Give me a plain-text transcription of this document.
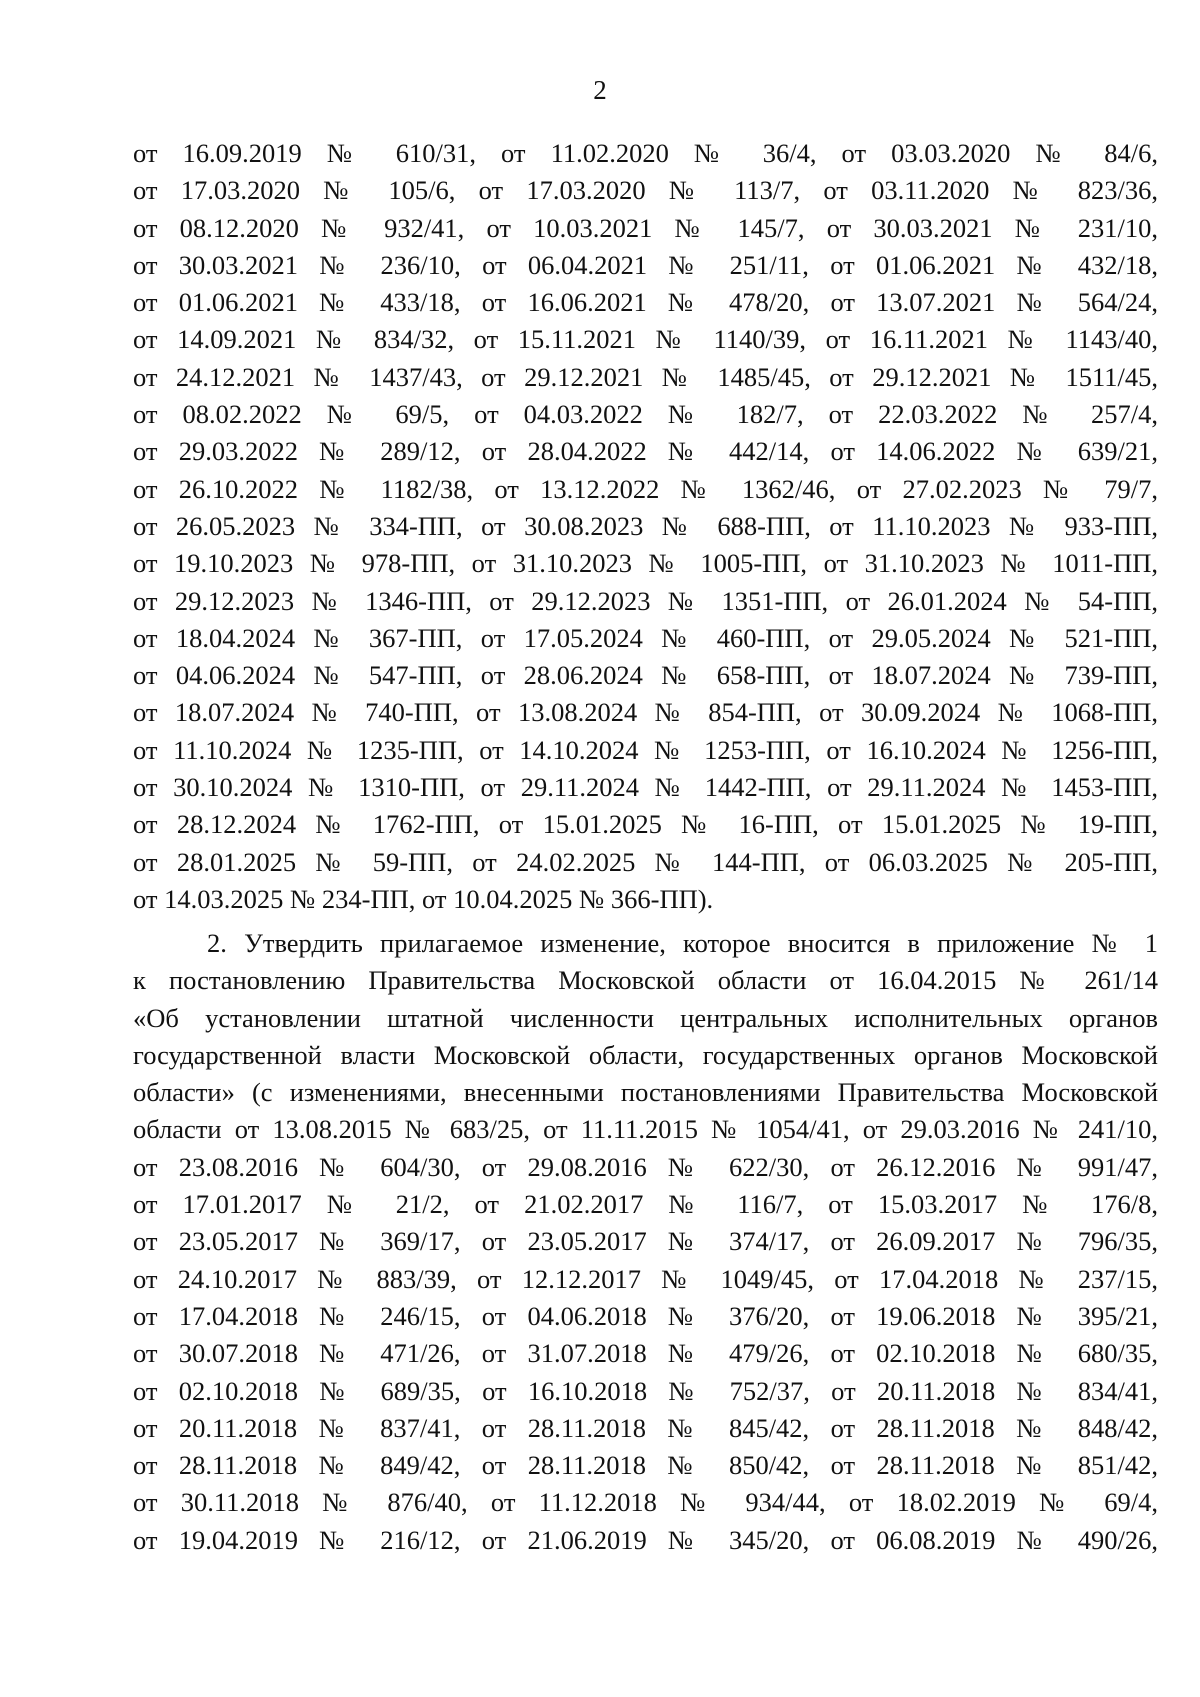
2
от 16.09.2019 № 610/31, от 11.02.2020 № 36/4, от 03.03.2020 № 84/6,
от 17.03.2020 № 105/6, от 17.03.2020 № 113/7, от 03.11.2020 № 823/36,
от 08.12.2020 № 932/41, от 10.03.2021 № 145/7, от 30.03.2021 № 231/10,
от 30.03.2021 № 236/10, от 06.04.2021 № 251/11, от 01.06.2021 № 432/18,
от 01.06.2021 № 433/18, от 16.06.2021 № 478/20, от 13.07.2021 № 564/24,
от 14.09.2021 № 834/32, от 15.11.2021 № 1140/39, от 16.11.2021 № 1143/40,
от 24.12.2021 № 1437/43, от 29.12.2021 № 1485/45, от 29.12.2021 № 1511/45,
от 08.02.2022 № 69/5, от 04.03.2022 № 182/7, от 22.03.2022 № 257/4,
от 29.03.2022 № 289/12, от 28.04.2022 № 442/14, от 14.06.2022 № 639/21,
от 26.10.2022 № 1182/38, от 13.12.2022 № 1362/46, от 27.02.2023 № 79/7,
от 26.05.2023 № 334-ПП, от 30.08.2023 № 688-ПП, от 11.10.2023 № 933-ПП,
от 19.10.2023 № 978-ПП, от 31.10.2023 № 1005-ПП, от 31.10.2023 № 1011-ПП,
от 29.12.2023 № 1346-ПП, от 29.12.2023 № 1351-ПП, от 26.01.2024 № 54-ПП,
от 18.04.2024 № 367-ПП, от 17.05.2024 № 460-ПП, от 29.05.2024 № 521-ПП,
от 04.06.2024 № 547-ПП, от 28.06.2024 № 658-ПП, от 18.07.2024 № 739-ПП,
от 18.07.2024 № 740-ПП, от 13.08.2024 № 854-ПП, от 30.09.2024 № 1068-ПП,
от 11.10.2024 № 1235-ПП, от 14.10.2024 № 1253-ПП, от 16.10.2024 № 1256-ПП,
от 30.10.2024 № 1310-ПП, от 29.11.2024 № 1442-ПП, от 29.11.2024 № 1453-ПП,
от 28.12.2024 № 1762-ПП, от 15.01.2025 № 16-ПП, от 15.01.2025 № 19-ПП,
от 28.01.2025 № 59-ПП, от 24.02.2025 № 144-ПП, от 06.03.2025 № 205-ПП,
от 14.03.2025 № 234-ПП, от 10.04.2025 № 366-ПП).
2. Утвердить прилагаемое изменение, которое вносится в приложение № 1
к постановлению Правительства Московской области от 16.04.2015 № 261/14
«Об установлении штатной численности центральных исполнительных органов
государственной власти Московской области, государственных органов Московской
области» (с изменениями, внесенными постановлениями Правительства Московской
области от 13.08.2015 № 683/25, от 11.11.2015 № 1054/41, от 29.03.2016 № 241/10,
от 23.08.2016 № 604/30, от 29.08.2016 № 622/30, от 26.12.2016 № 991/47,
от 17.01.2017 № 21/2, от 21.02.2017 № 116/7, от 15.03.2017 № 176/8,
от 23.05.2017 № 369/17, от 23.05.2017 № 374/17, от 26.09.2017 № 796/35,
от 24.10.2017 № 883/39, от 12.12.2017 № 1049/45, от 17.04.2018 № 237/15,
от 17.04.2018 № 246/15, от 04.06.2018 № 376/20, от 19.06.2018 № 395/21,
от 30.07.2018 № 471/26, от 31.07.2018 № 479/26, от 02.10.2018 № 680/35,
от 02.10.2018 № 689/35, от 16.10.2018 № 752/37, от 20.11.2018 № 834/41,
от 20.11.2018 № 837/41, от 28.11.2018 № 845/42, от 28.11.2018 № 848/42,
от 28.11.2018 № 849/42, от 28.11.2018 № 850/42, от 28.11.2018 № 851/42,
от 30.11.2018 № 876/40, от 11.12.2018 № 934/44, от 18.02.2019 № 69/4,
от 19.04.2019 № 216/12, от 21.06.2019 № 345/20, от 06.08.2019 № 490/26,
